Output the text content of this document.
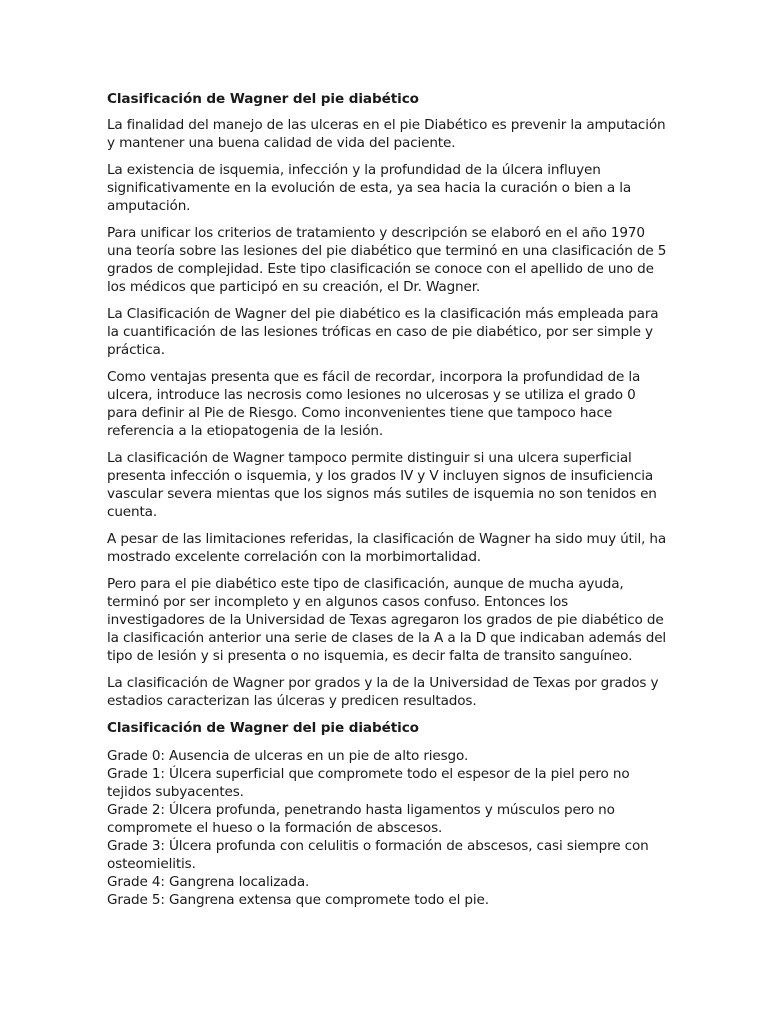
Clasificación de Wagner del pie diabético

La finalidad del manejo de las ulceras en el pie Diabético es prevenir la amputación y mantener una buena calidad de vida del paciente.

La existencia de isquemia, infección y la profundidad de la úlcera influyen significativamente en la evolución de esta, ya sea hacia la curación o bien a la amputación.

Para unificar los criterios de tratamiento y descripción se elaboró en el año 1970 una teoría sobre las lesiones del pie diabético que terminó en una clasificación de 5 grados de complejidad. Este tipo clasificación se conoce con el apellido de uno de los médicos que participó en su creación, el Dr. Wagner.

La Clasificación de Wagner del pie diabético es la clasificación más empleada para la cuantificación de las lesiones tróficas en caso de pie diabético, por ser simple y práctica.

Como ventajas presenta que es fácil de recordar, incorpora la profundidad de la ulcera, introduce las necrosis como lesiones no ulcerosas y se utiliza el grado 0 para definir al Pie de Riesgo. Como inconvenientes tiene que tampoco hace referencia a la etiopatogenia de la lesión.

La clasificación de Wagner tampoco permite distinguir si una ulcera superficial presenta infección o isquemia, y los grados IV y V incluyen signos de insuficiencia vascular severa mientas que los signos más sutiles de isquemia no son tenidos en cuenta.

A pesar de las limitaciones referidas, la clasificación de Wagner ha sido muy útil, ha mostrado excelente correlación con la morbimortalidad.

Pero para el pie diabético este tipo de clasificación, aunque de mucha ayuda, terminó por ser incompleto y en algunos casos confuso. Entonces los investigadores de la Universidad de Texas agregaron los grados de pie diabético de la clasificación anterior una serie de clases de la A a la D que indicaban además del tipo de lesión y si presenta o no isquemia, es decir falta de transito sanguíneo.

La clasificación de Wagner por grados y la de la Universidad de Texas por grados y estadios caracterizan las úlceras y predicen resultados.

Clasificación de Wagner del pie diabético

Grade 0: Ausencia de ulceras en un pie de alto riesgo.

Grade 1: Úlcera superficial que compromete todo el espesor de la piel pero no tejidos subyacentes.

Grade 2: Úlcera profunda, penetrando hasta ligamentos y músculos pero no compromete el hueso o la formación de abscesos.

Grade 3: Úlcera profunda con celulitis o formación de abscesos, casi siempre con osteomielitis.

Grade 4: Gangrena localizada.

Grade 5: Gangrena extensa que compromete todo el pie.
